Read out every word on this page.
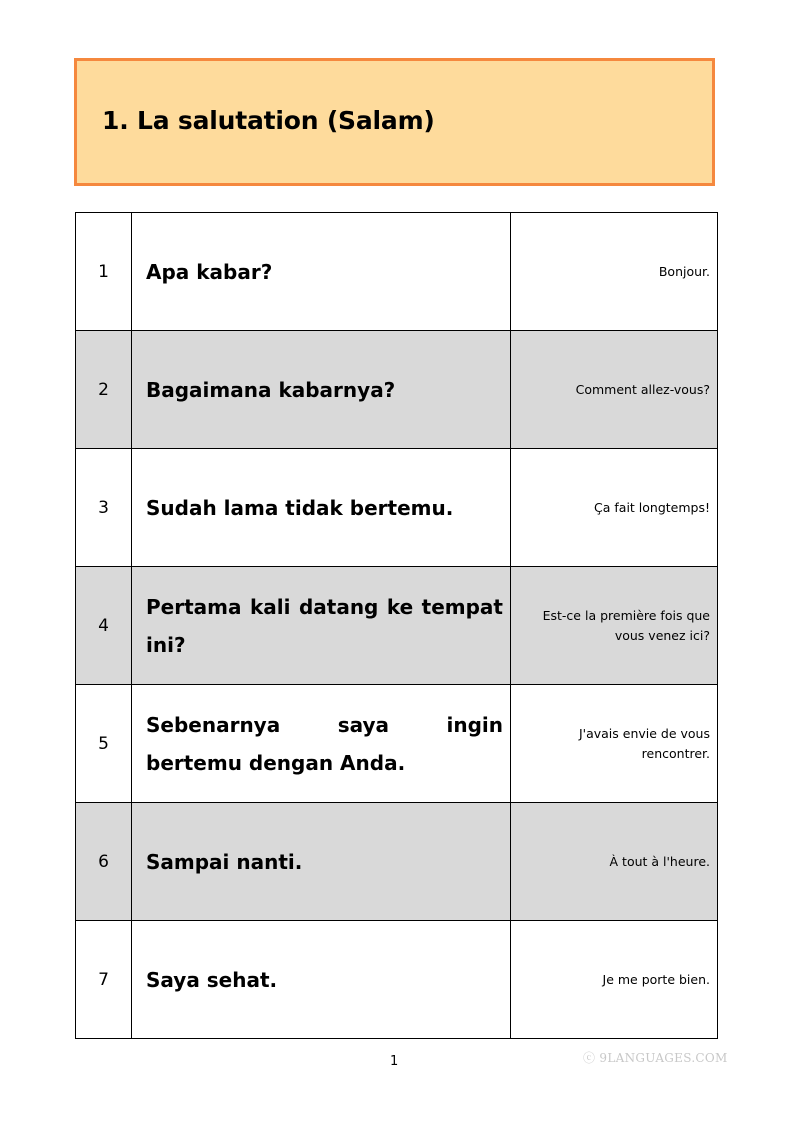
1. La salutation (Salam)
1	Apa kabar?	Bonjour.
2	Bagaimana kabarnya?	Comment allez-vous?
3	Sudah lama tidak bertemu.	Ça fait longtemps!
4	Pertama kali datang ke tempat ini?	Est-ce la première fois que vous venez ici?
5	Sebenarnya saya ingin bertemu dengan Anda.	J'avais envie de vous rencontrer.
6	Sampai nanti.	À tout à l'heure.
7	Saya sehat.	Je me porte bien.
1	ⓒ 9LANGUAGES.COM
